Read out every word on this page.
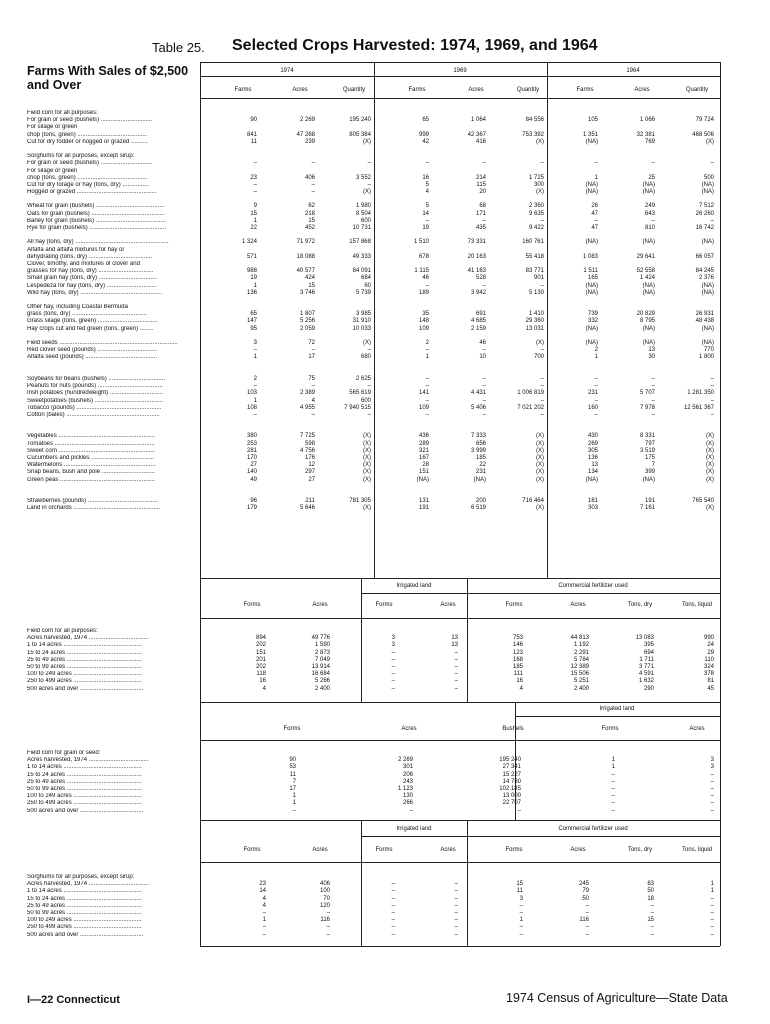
Table 25. Selected Crops Harvested: 1974, 1969, and 1964
Farms With Sales of $2,500 and Over
1974	1969	1964
Farms	Acres	Quantity	Farms	Acres	Quantity	Farms	Acres	Quantity
Field corn for all purposes:
For grain or seed (bushels) ...............................	90	2 269	195 240	65	1 064	84 556	105	1 066	79 724
For silage or green
chop (tons, green) ..........................................	841	47 268	805 384	999	42 367	753 392	1 351	32 381	468 506
Cut for dry fodder or hogged or grazed ..........	11	239	(X)	42	416	(X)	(NA)	769	(X)
Sorghums for all purposes, except sirup:
For grain or seed (bushels) ...............................	–	–	–	–	–	–	–	–	–
For silage or green
chop (tons, green) ..........................................	23	406	3 552	16	214	1 725	1	25	500
Cut for dry forage or hay (tons, dry) ................	–	–	–	5	115	300	(NA)	(NA)	(NA)
Hogged or grazed ................................................	–	–	(X)	4	20	(X)	(NA)	(NA)	(NA)
Wheat for grain (bushels) .........................................	9	62	1 980	5	68	2 360	26	249	7 512
Oats for grain (bushels) ............................................	15	218	8 504	14	171	9 635	47	643	26 260
Barley for grain (bushels) ..........................................	1	15	600	–	–	–	–	–	–
Rye for grain (bushels) ..............................................	22	452	10 731	19	435	9 422	47	810	16 742
All hay (tons, dry) ........................................................	1 324	71 972	157 868	1 510	73 331	160 761	(NA)	(NA)	(NA)
Alfalfa and alfalfa mixtures for hay or
dehydrating (tons, dry) ......................................	571	18 088	49 333	678	20 163	55 418	1 083	29 641	66 057
Clover, timothy, and mixtures of clover and
grasses for hay (tons, dry) .................................	988	40 577	84 091	1 115	41 163	83 771	1 511	52 558	84 245
Small grain hay (tons, dry) ...................................	19	424	684	46	528	901	165	1 424	2 376
Lespedeza for hay (tons, dry) ..............................	1	15	60	–	–	–	(NA)	(NA)	(NA)
Wild hay (tons, dry) .................................................	136	3 746	5 739	189	3 942	5 130	(NA)	(NA)	(NA)
Other hay, including Coastal Bermuda
grass (tons, dry) .............................................	65	1 807	3 985	35	691	1 410	739	20 829	26 931
Grass silage (tons, green) ....................................	147	5 256	31 910	148	4 685	29 360	332	8 795	48 438
Hay crops cut and fed green (tons, green) ........	95	2 059	10 033	109	2 159	13 031	(NA)	(NA)	(NA)
Field seeds .......................................................................	3	72	(X)	2	46	(X)	(NA)	(NA)	(NA)
Red clover seed (pounds) ....................................	–	–	–	–	–	–	2	13	770
Alfalfa seed (pounds) ...........................................	1	17	680	1	10	700	1	30	1 800
Soybeans for beans (bushels) ..................................	2	75	2 625	–	–	–	–	–	–
Peanuts for nuts (pounds) .......................................	–	–	–	–	–	–	–	–	–
Irish potatoes (hundredweight) ................................	103	2 389	565 619	141	4 431	1 006 819	231	5 707	1 281 350
Sweetpotatoes (bushels) .........................................	1	4	600	–	–	–	–	–	–
Tobacco (pounds) ...................................................	108	4 955	7 940 515	109	5 406	7 021 202	160	7 978	12 561 367
Cotton (bales) ........................................................	–	–	–	–	–	–	–	–	–
Vegetables ..........................................................	380	7 725	(X)	436	7 333	(X)	430	8 331	(X)
Tomatoes ............................................................	253	598	(X)	289	656	(X)	269	797	(X)
Sweet corn ..........................................................	281	4 756	(X)	321	3 999	(X)	305	3 519	(X)
Cucumbers and pickles ......................................	170	176	(X)	167	185	(X)	136	175	(X)
Watermelons .......................................................	27	12	(X)	28	22	(X)	13	7	(X)
Snap beans, bush and pole ................................	140	297	(X)	151	231	(X)	134	399	(X)
Green peas .........................................................	49	27	(X)	(NA)	(NA)	(X)	(NA)	(NA)	(X)
Strawberries (pounds) ..........................................	96	211	781 305	131	200	716 464	161	191	765 540
Land in orchards ....................................................	179	5 646	(X)	191	6 519	(X)	303	7 161	(X)
Irrigated land	Commercial fertilizer used
Forms	Acres	Forms	Acres	Forms	Acres	Tons, dry	Tons, liquid
Field corn for all purposes:
Acres harvested, 1974 ....................................	894	49 776	3	13	753	44 813	13 083	990
1 to 14 acres ...............................................	202	1 590	3	13	146	1 192	395	24
15 to 24 acres .............................................	151	2 873	–	–	123	2 291	694	29
25 to 49 acres .............................................	201	7 049	–	–	168	5 784	1 711	110
50 to 99 acres .............................................	202	13 914	–	–	185	12 389	3 771	324
100 to 249 acres .........................................	118	16 684	–	–	111	15 506	4 591	378
250 to 499 acres .........................................	16	5 266	–	–	16	5 251	1 632	81
500 acres and over ......................................	4	2 400	–	–	4	2 400	290	45
Irrigated land
Forms	Acres	Bushels	Forms	Acres
Field corn for grain or seed:
Acres harvested, 1974 ....................................	90	2 269	195 240	1	3
1 to 14 acres ...............................................	53	301	27 341	1	3
15 to 24 acres .............................................	11	206	15 227	–	–
25 to 49 acres .............................................	7	243	14 780	–	–
50 to 99 acres .............................................	17	1 123	102 185	–	–
100 to 249 acres .........................................	1	130	13 000	–	–
250 to 499 acres .........................................	1	266	22 707	–	–
500 acres and over ......................................	–	–	–	–	–
Irrigated land	Commercial fertilizer used
Forms	Acres	Forms	Acres	Forms	Acres	Tons, dry	Tons, liquid
Sorghums for all purposes, except sirup:
Acres harvested, 1974 ....................................	23	406	–	–	15	245	83	1
1 to 14 acres ...............................................	14	100	–	–	11	79	50	1
15 to 24 acres .............................................	4	70	–	–	3	50	18	–
25 to 49 acres .............................................	4	120	–	–	–	–	–	–
50 to 99 acres .............................................	–	–	–	–	–	–	–	–
100 to 249 acres .........................................	1	116	–	–	1	116	15	–
250 to 499 acres .........................................	–	–	–	–	–	–	–	–
500 acres and over ......................................	–	–	–	–	–	–	–	–
I—22 Connecticut	1974 Census of Agriculture—State Data
